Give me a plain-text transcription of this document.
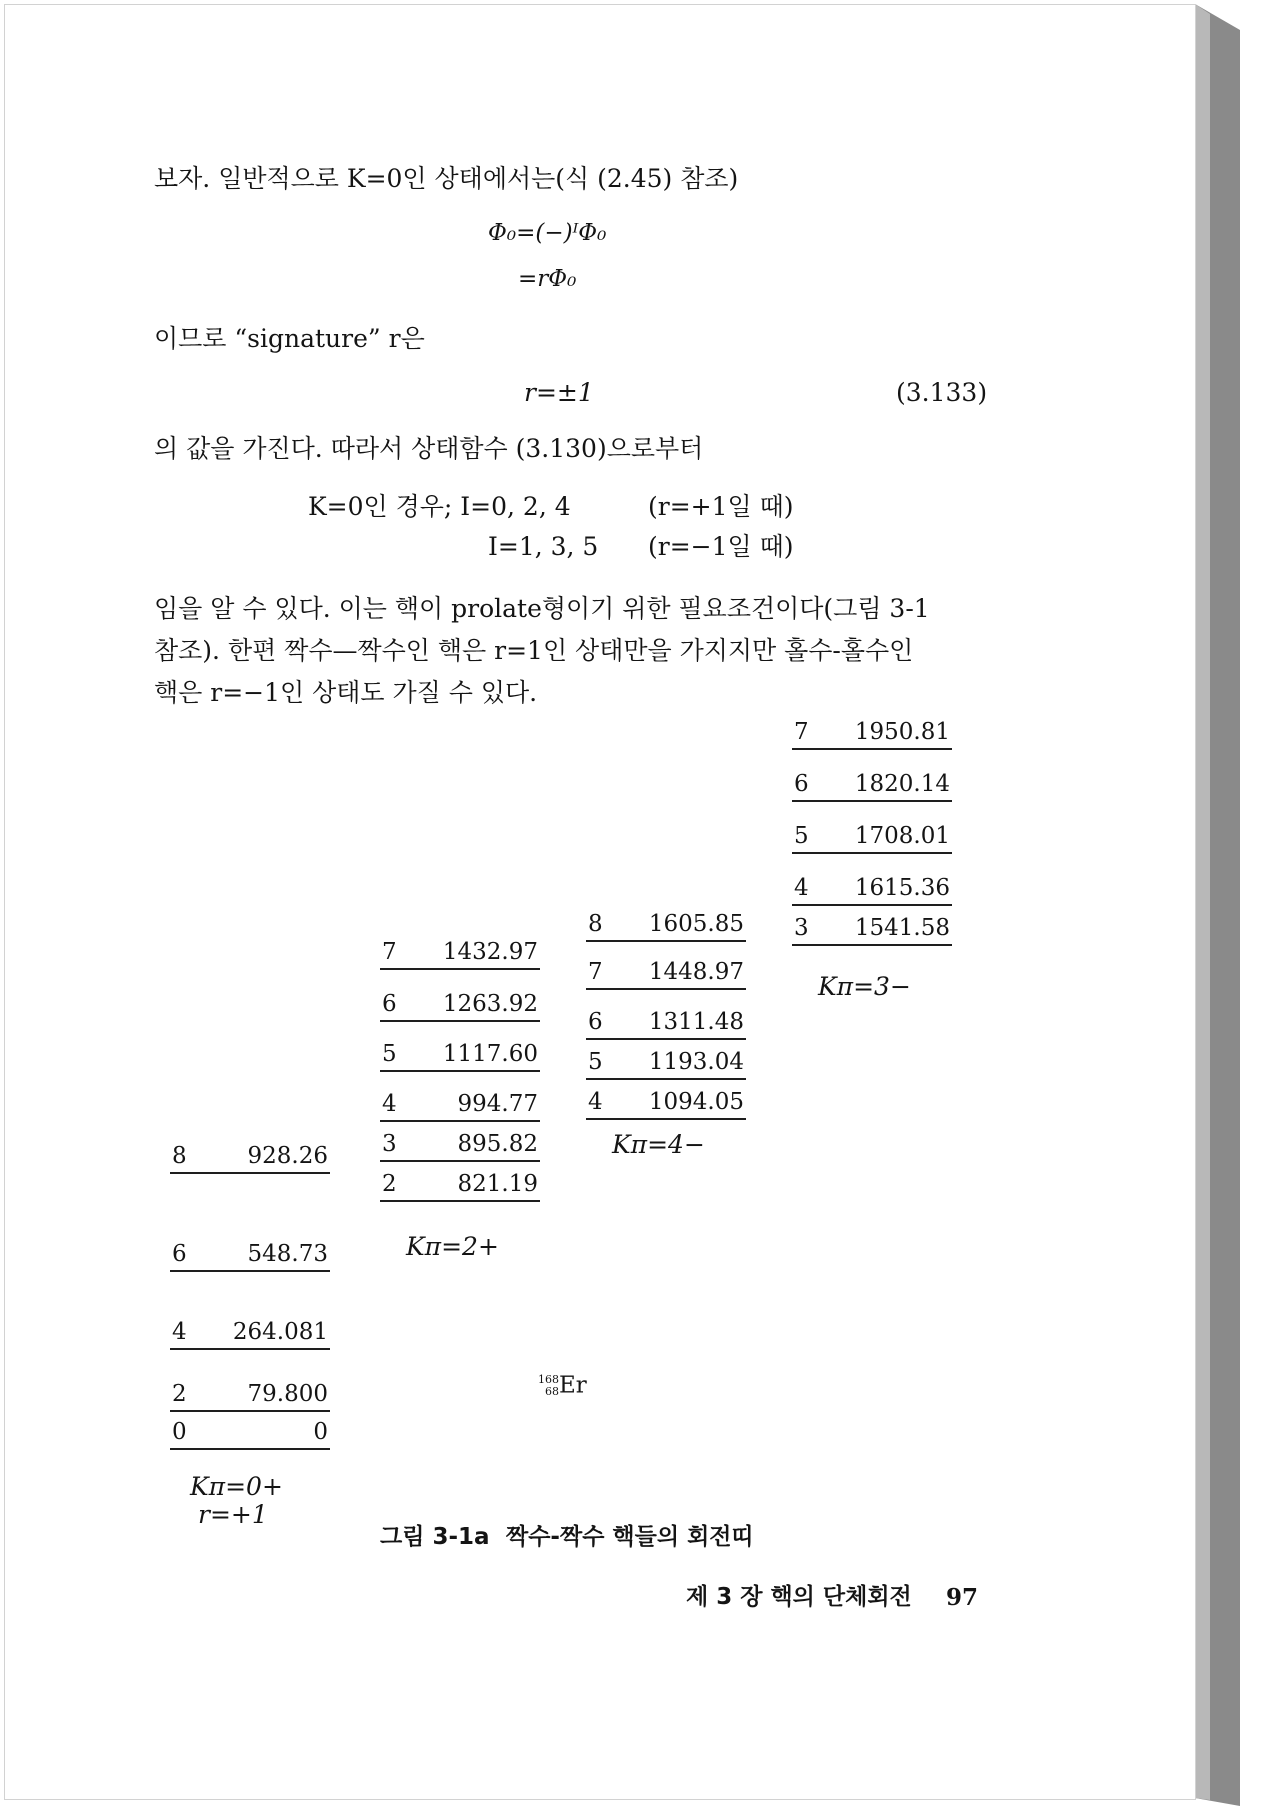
보자. 일반적으로 K=0인 상태에서는(식 (2.45) 참조)
Φ₀=(−)ᴵΦ₀
=rΦ₀
이므로 “signature” r은
r=±1	(3.133)
의 값을 가진다. 따라서 상태함수 (3.130)으로부터
K=0인 경우; I=0, 2, 4	(r=+1일 때)
I=1, 3, 5 (r=−1일 때)
임을 알 수 있다. 이는 핵이 prolate형이기 위한 필요조건이다(그림 3-1
참조). 한편 짝수—짝수인 핵은 r=1인 상태만을 가지지만 홀수-홀수인
핵은 r=−1인 상태도 가질 수 있다.
8	928.26
6	548.73
4 264.081
2	79.800
0	0
Kπ=0+
r=+1
7 1432.97
6 1263.92
5 1117.60
4	994.77
3	895.82
2	821.19
Kπ=2+
8 1605.85
7 1448.97
6 1311.48
5 1193.04
4 1094.05
Kπ=4−
7 1950.81
6 1820.14
5 1708.01
4 1615.36
3 1541.58
Kπ=3−
168
68Er
그림 3-1a 짝수-짝수 핵들의 회전띠
제 3 장 핵의 단체회전 97
